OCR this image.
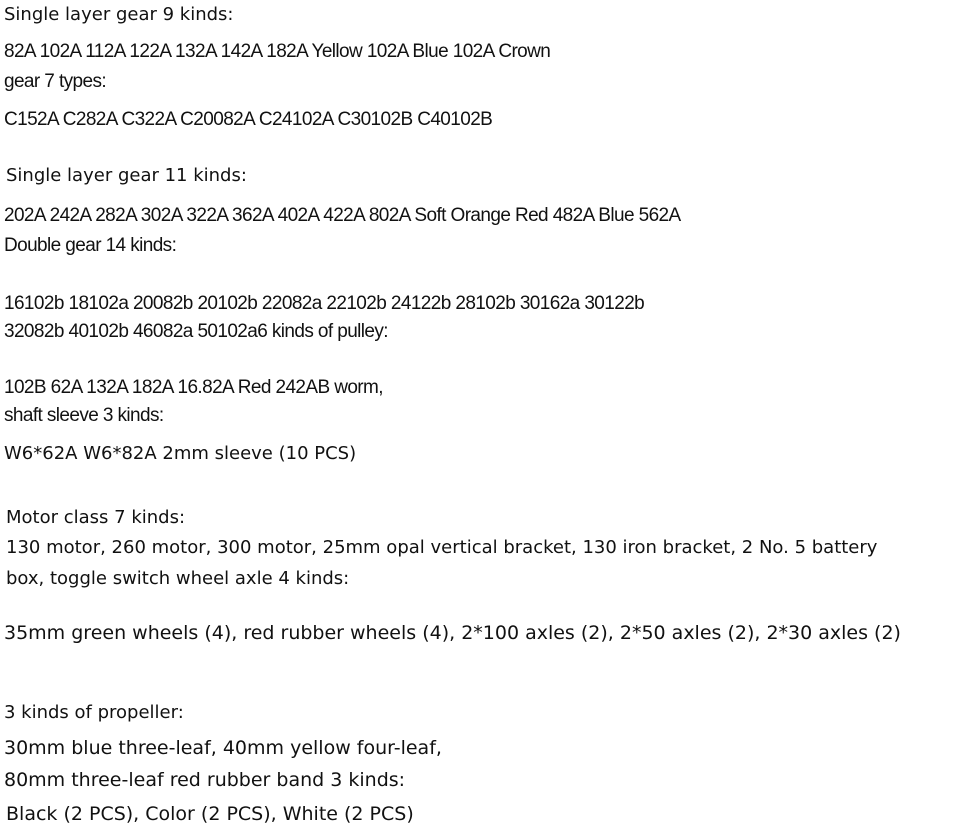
Single layer gear 9 kinds:
82A 102A 112A 122A 132A 142A 182A Yellow 102A Blue 102A Crown
gear 7 types:
C152A C282A C322A C20082A C24102A C30102B C40102B
Single layer gear 11 kinds:
202A 242A 282A 302A 322A 362A 402A 422A 802A Soft Orange Red 482A Blue 562A
Double gear 14 kinds:
16102b 18102a 20082b 20102b 22082a 22102b 24122b 28102b 30162a 30122b
32082b 40102b 46082a 50102a6 kinds of pulley:
102B 62A 132A 182A 16.82A Red 242AB worm,
shaft sleeve 3 kinds:
W6*62A W6*82A 2mm sleeve (10 PCS)
Motor class 7 kinds:
130 motor, 260 motor, 300 motor, 25mm opal vertical bracket, 130 iron bracket, 2 No. 5 battery
box, toggle switch wheel axle 4 kinds:
35mm green wheels (4), red rubber wheels (4), 2*100 axles (2), 2*50 axles (2), 2*30 axles (2)
3 kinds of propeller:
30mm blue three-leaf, 40mm yellow four-leaf,
80mm three-leaf red rubber band 3 kinds:
Black (2 PCS), Color (2 PCS), White (2 PCS)
